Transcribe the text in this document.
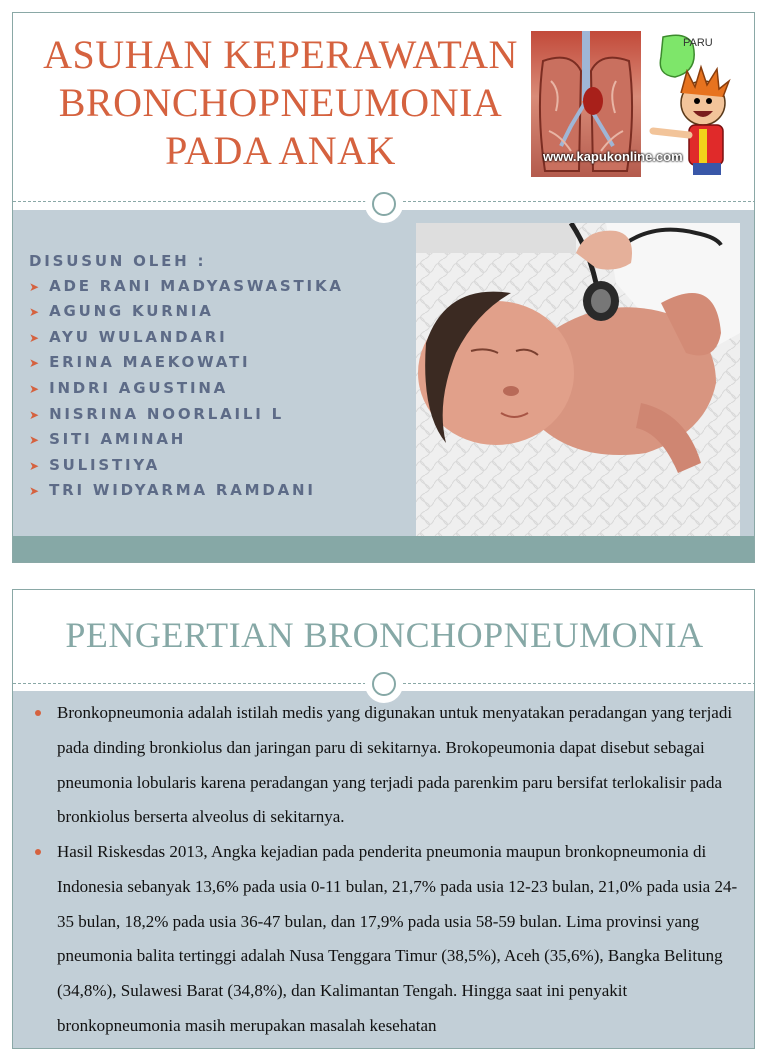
ASUHAN KEPERAWATAN
BRONCHOPNEUMONIA
PADA ANAK
PARU
www.kapukonline.com
DISUSUN OLEH :
➤ ADE RANI MADYASWASTIKA
➤ AGUNG KURNIA
➤ AYU WULANDARI
➤ ERINA MAEKOWATI
➤ INDRI AGUSTINA
➤ NISRINA NOORLAILI L
➤ SITI AMINAH
➤ SULISTIYA
➤ TRI WIDYARMA RAMDANI
PENGERTIAN BRONCHOPNEUMONIA
Bronkopneumonia adalah istilah medis yang digunakan untuk menyatakan peradangan yang terjadi pada dinding bronkiolus dan jaringan paru di sekitarnya. Brokopeumonia dapat disebut sebagai pneumonia lobularis karena peradangan yang terjadi pada parenkim paru bersifat terlokalisir pada bronkiolus berserta alveolus di sekitarnya.
Hasil Riskesdas 2013, Angka kejadian pada penderita pneumonia maupun bronkopneumonia di Indonesia sebanyak 13,6% pada usia 0-11 bulan, 21,7% pada usia 12-23 bulan, 21,0% pada usia 24-35 bulan, 18,2% pada usia 36-47 bulan, dan 17,9% pada usia 58-59 bulan. Lima provinsi yang pneumonia balita tertinggi adalah Nusa Tenggara Timur (38,5%), Aceh (35,6%), Bangka Belitung (34,8%), Sulawesi Barat (34,8%), dan Kalimantan Tengah. Hingga saat ini penyakit bronkopneumonia masih merupakan masalah kesehatan
